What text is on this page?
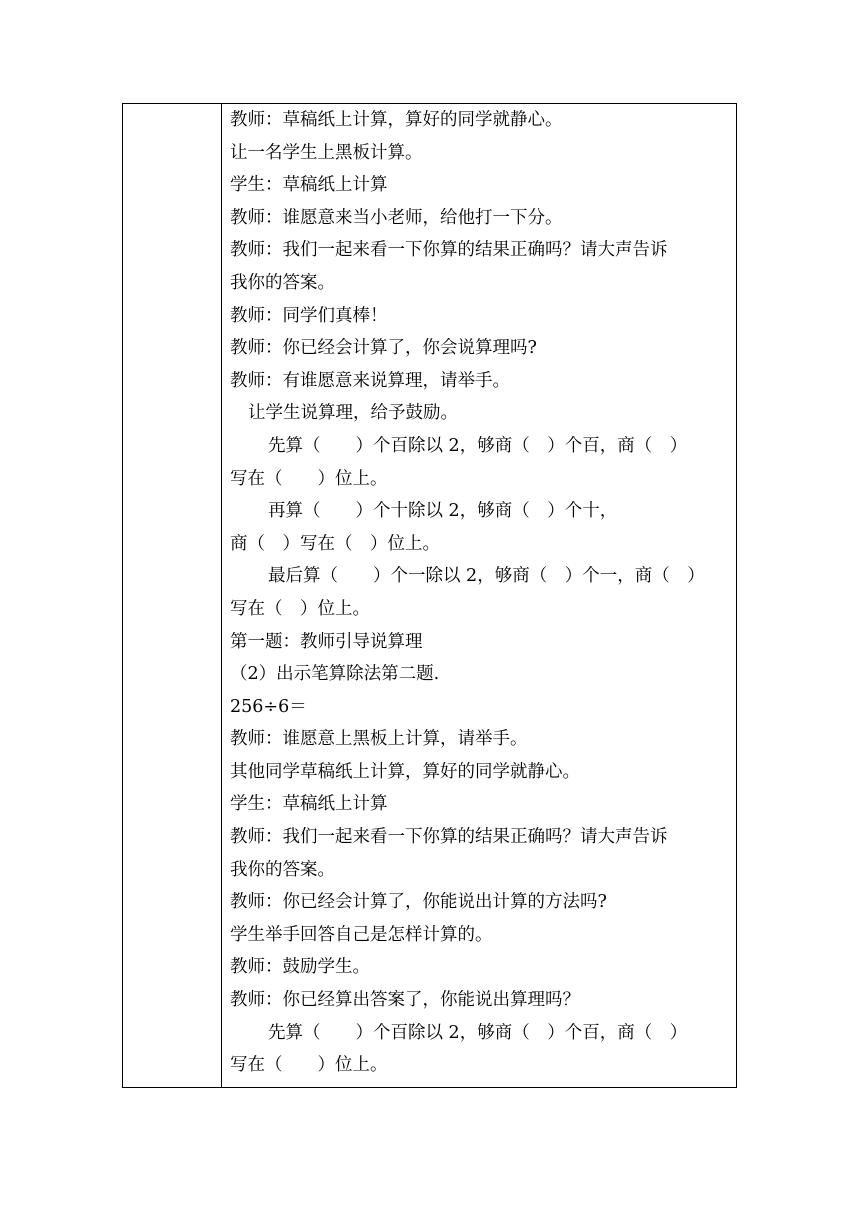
教师：草稿纸上计算，算好的同学就静心。
让一名学生上黑板计算。
学生：草稿纸上计算
教师：谁愿意来当小老师，给他打一下分。
教师：我们一起来看一下你算的结果正确吗？请大声告诉
我你的答案。
教师：同学们真棒！
教师：你已经会计算了，你会说算理吗?
教师：有谁愿意来说算理，请举手。
让学生说算理，给予鼓励。
先算（　　）个百除以 2，够商（　）个百，商（　）
写在（　　）位上。
再算（　　）个十除以 2，够商（　）个十，
商（　）写在（　）位上。
最后算（　　）个一除以 2，够商（　）个一，商（　）
写在（　）位上。
第一题：教师引导说算理
（2）出示笔算除法第二题.
256÷6＝
教师：谁愿意上黑板上计算，请举手。
其他同学草稿纸上计算，算好的同学就静心。
学生：草稿纸上计算
教师：我们一起来看一下你算的结果正确吗？请大声告诉
我你的答案。
教师：你已经会计算了，你能说出计算的方法吗?
学生举手回答自己是怎样计算的。
教师：鼓励学生。
教师：你已经算出答案了，你能说出算理吗？
先算（　　）个百除以 2，够商（　）个百，商（　）
写在（　　）位上。
